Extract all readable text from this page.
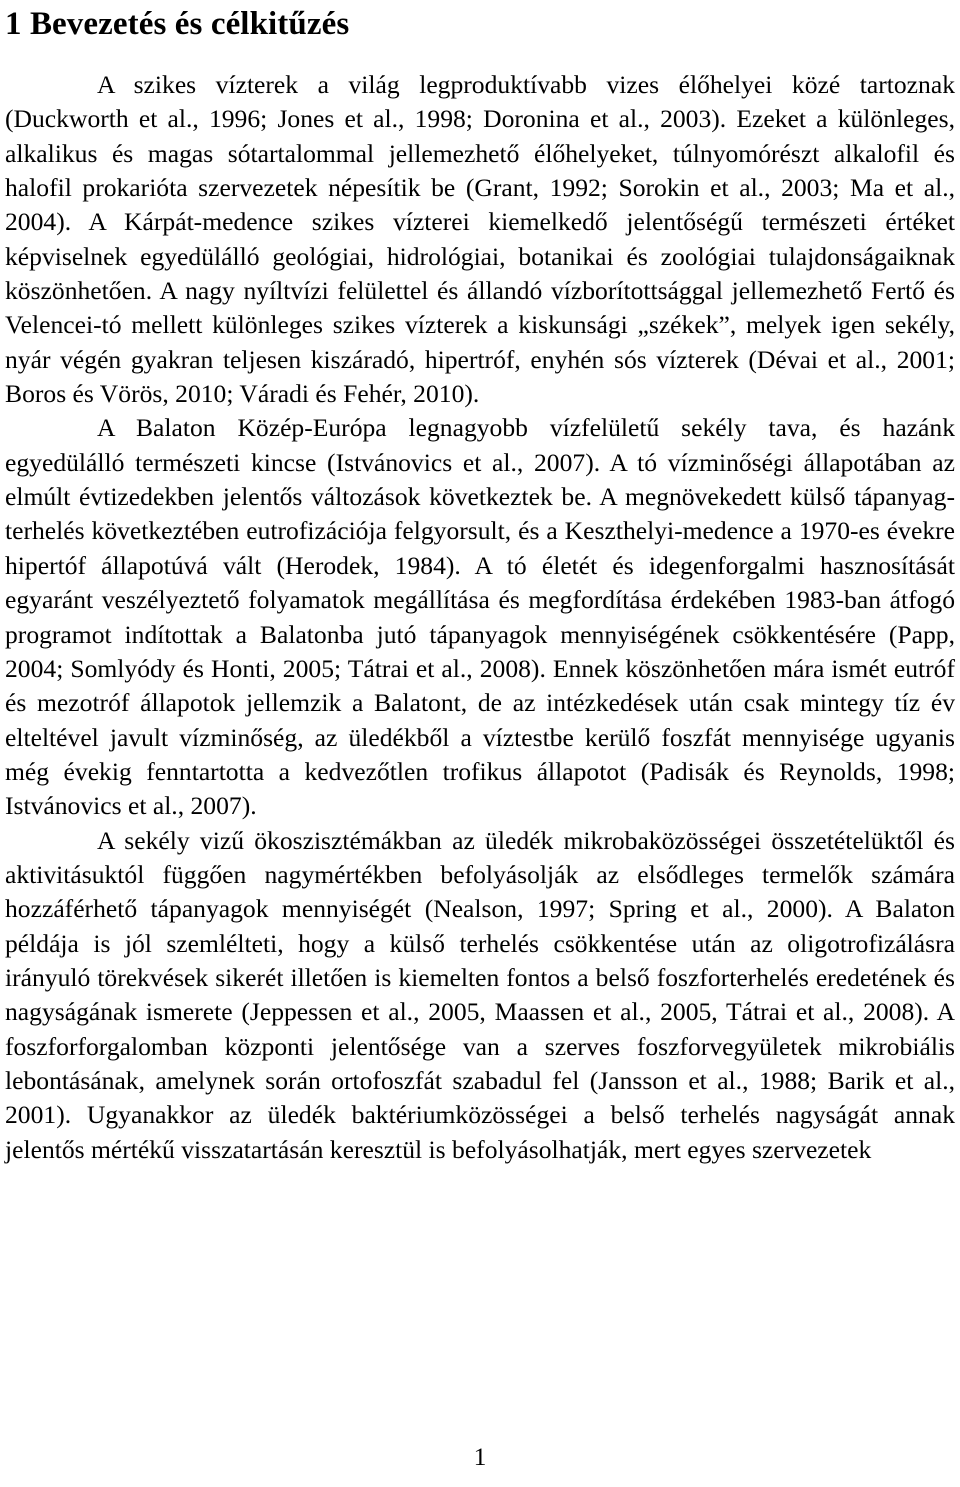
1 Bevezetés és célkitűzés

A szikes vízterek a világ legproduktívabb vizes élőhelyei közé tartoznak (Duckworth et al., 1996; Jones et al., 1998; Doronina et al., 2003). Ezeket a különleges, alkalikus és magas sótartalommal jellemezhető élőhelyeket, túlnyomórészt alkalofil és halofil prokarióta szervezetek népesítik be (Grant, 1992; Sorokin et al., 2003; Ma et al., 2004). A Kárpát-medence szikes vízterei kiemelkedő jelentőségű természeti értéket képviselnek egyedülálló geológiai, hidrológiai, botanikai és zoológiai tulajdonságaiknak köszönhetően. A nagy nyíltvízi felülettel és állandó vízborítottsággal jellemezhető Fertő és Velencei-tó mellett különleges szikes vízterek a kiskunsági „székek”, melyek igen sekély, nyár végén gyakran teljesen kiszáradó, hipertróf, enyhén sós vízterek (Dévai et al., 2001; Boros és Vörös, 2010; Váradi és Fehér, 2010).

A Balaton Közép-Európa legnagyobb vízfelületű sekély tava, és hazánk egyedülálló természeti kincse (Istvánovics et al., 2007). A tó vízminőségi állapotában az elmúlt évtizedekben jelentős változások következtek be. A megnövekedett külső tápanyag-terhelés következtében eutrofizációja felgyorsult, és a Keszthelyi-medence a 1970-es évekre hipertóf állapotúvá vált (Herodek, 1984). A tó életét és idegenforgalmi hasznosítását egyaránt veszélyeztető folyamatok megállítása és megfordítása érdekében 1983-ban átfogó programot indítottak a Balatonba jutó tápanyagok mennyiségének csökkentésére (Papp, 2004; Somlyódy és Honti, 2005; Tátrai et al., 2008). Ennek köszönhetően mára ismét eutróf és mezotróf állapotok jellemzik a Balatont, de az intézkedések után csak mintegy tíz év elteltével javult vízminőség, az üledékből a víztestbe kerülő foszfát mennyisége ugyanis még évekig fenntartotta a kedvezőtlen trofikus állapotot (Padisák és Reynolds, 1998; Istvánovics et al., 2007).

A sekély vizű ökoszisztémákban az üledék mikrobaközösségei összetételüktől és aktivitásuktól függően nagymértékben befolyásolják az elsődleges termelők számára hozzáférhető tápanyagok mennyiségét (Nealson, 1997; Spring et al., 2000). A Balaton példája is jól szemlélteti, hogy a külső terhelés csökkentése után az oligotrofizálásra irányuló törekvések sikerét illetően is kiemelten fontos a belső foszforterhelés eredetének és nagyságának ismerete (Jeppessen et al., 2005, Maassen et al., 2005, Tátrai et al., 2008). A foszforforgalomban központi jelentősége van a szerves foszforvegyületek mikrobiális lebontásának, amelynek során ortofoszfát szabadul fel (Jansson et al., 1988; Barik et al., 2001). Ugyanakkor az üledék baktériumközösségei a belső terhelés nagyságát annak jelentős mértékű visszatartásán keresztül is befolyásolhatják, mert egyes szervezetek

1
